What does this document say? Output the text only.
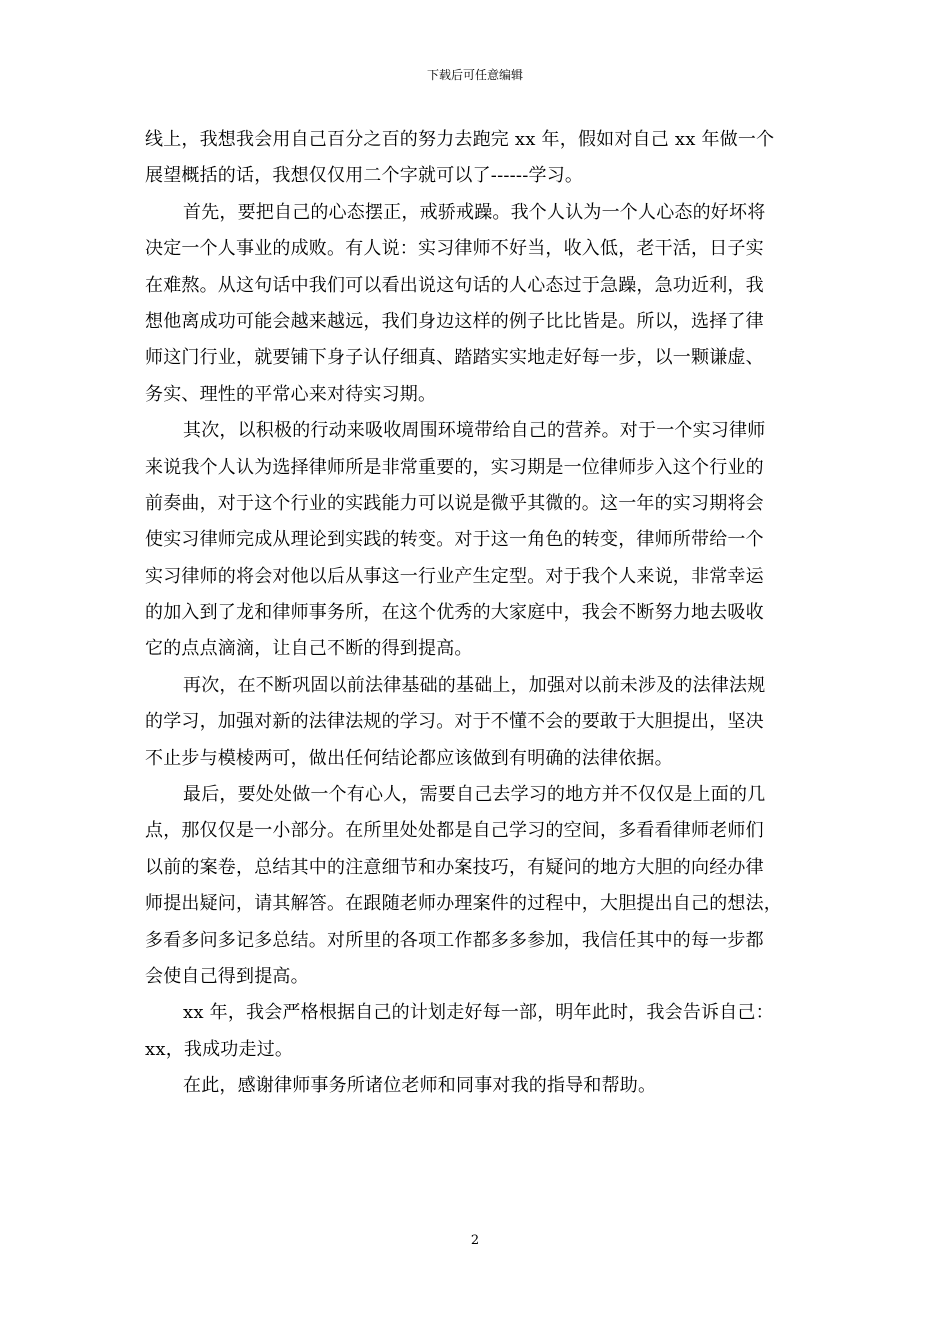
下载后可任意编辑
线上，我想我会用自己百分之百的努力去跑完 xx 年，假如对自己 xx 年做一个
展望概括的话，我想仅仅用二个字就可以了------学习。
首先，要把自己的心态摆正，戒骄戒躁。我个人认为一个人心态的好坏将
决定一个人事业的成败。有人说：实习律师不好当，收入低，老干活，日子实
在难熬。从这句话中我们可以看出说这句话的人心态过于急躁，急功近利，我
想他离成功可能会越来越远，我们身边这样的例子比比皆是。所以，选择了律
师这门行业，就要铺下身子认仔细真、踏踏实实地走好每一步，以一颗谦虚、
务实、理性的平常心来对待实习期。
其次，以积极的行动来吸收周围环境带给自己的营养。对于一个实习律师
来说我个人认为选择律师所是非常重要的，实习期是一位律师步入这个行业的
前奏曲，对于这个行业的实践能力可以说是微乎其微的。这一年的实习期将会
使实习律师完成从理论到实践的转变。对于这一角色的转变，律师所带给一个
实习律师的将会对他以后从事这一行业产生定型。对于我个人来说，非常幸运
的加入到了龙和律师事务所，在这个优秀的大家庭中，我会不断努力地去吸收
它的点点滴滴，让自己不断的得到提高。
再次，在不断巩固以前法律基础的基础上，加强对以前未涉及的法律法规
的学习，加强对新的法律法规的学习。对于不懂不会的要敢于大胆提出，坚决
不止步与模棱两可，做出任何结论都应该做到有明确的法律依据。
最后，要处处做一个有心人，需要自己去学习的地方并不仅仅是上面的几
点，那仅仅是一小部分。在所里处处都是自己学习的空间，多看看律师老师们
以前的案卷，总结其中的注意细节和办案技巧，有疑问的地方大胆的向经办律
师提出疑问，请其解答。在跟随老师办理案件的过程中，大胆提出自己的想法，
多看多问多记多总结。对所里的各项工作都多多参加，我信任其中的每一步都
会使自己得到提高。
xx 年，我会严格根据自己的计划走好每一部，明年此时，我会告诉自己：
xx，我成功走过。
在此，感谢律师事务所诸位老师和同事对我的指导和帮助。
2
